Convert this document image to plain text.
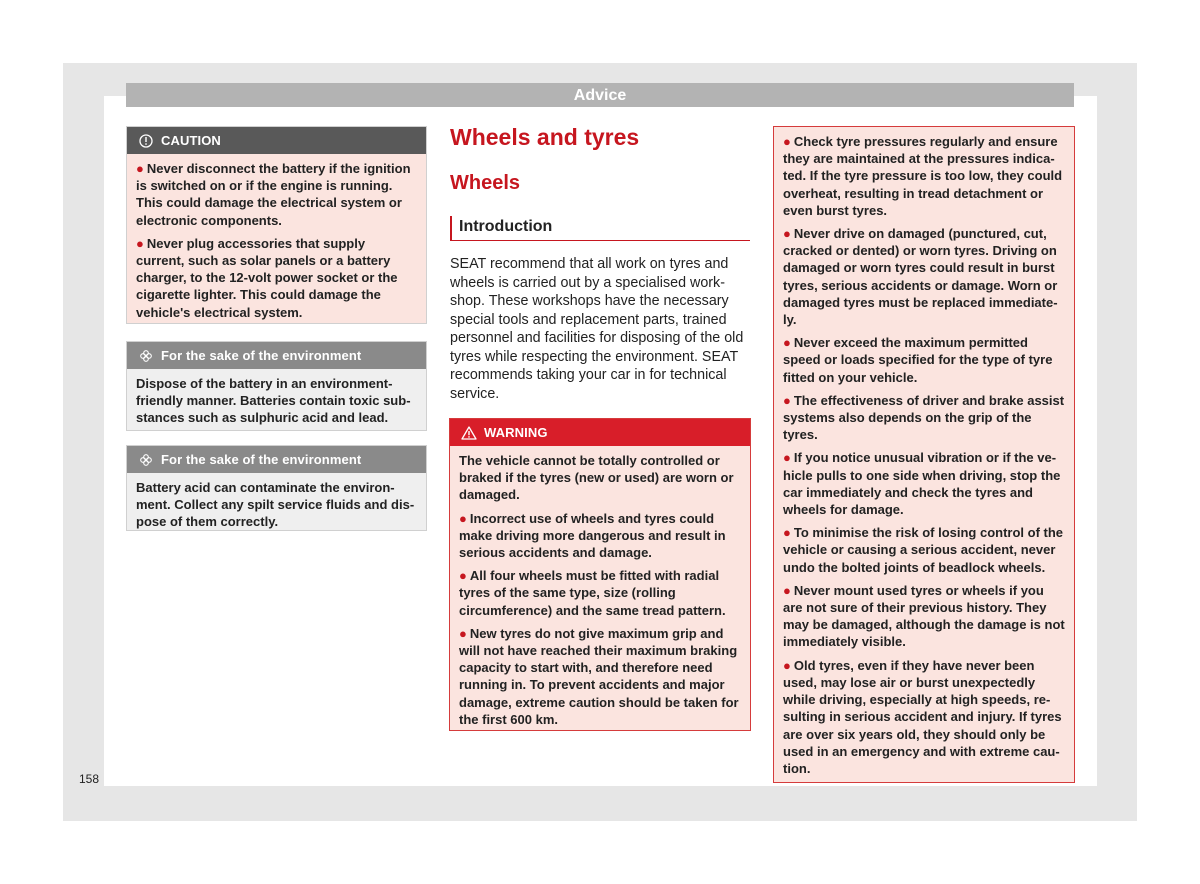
Advice
CAUTION

● Never disconnect the battery if the ignition is switched on or if the engine is running. This could damage the electrical system or electronic components.

● Never plug accessories that supply current, such as solar panels or a battery charger, to the 12-volt power socket or the cigarette lighter. This could damage the vehicle's electrical system.

For the sake of the environment

Dispose of the battery in an environment-friendly manner. Batteries contain toxic substances such as sulphuric acid and lead.

For the sake of the environment

Battery acid can contaminate the environment. Collect any spilt service fluids and dispose of them correctly.

Wheels and tyres
Wheels
Introduction
SEAT recommend that all work on tyres and wheels is carried out by a specialised workshop. These workshops have the necessary special tools and replacement parts, trained personnel and facilities for disposing of the old tyres while respecting the environment. SEAT recommends taking your car in for technical service.
WARNING

The vehicle cannot be totally controlled or braked if the tyres (new or used) are worn or damaged.

● Incorrect use of wheels and tyres could make driving more dangerous and result in serious accidents and damage.

● All four wheels must be fitted with radial tyres of the same type, size (rolling circumference) and the same tread pattern.

● New tyres do not give maximum grip and will not have reached their maximum braking capacity to start with, and therefore need running in. To prevent accidents and major damage, extreme caution should be taken for the first 600 km.

● Check tyre pressures regularly and ensure they are maintained at the pressures indicated. If the tyre pressure is too low, they could overheat, resulting in tread detachment or even burst tyres.

● Never drive on damaged (punctured, cut, cracked or dented) or worn tyres. Driving on damaged or worn tyres could result in burst tyres, serious accidents or damage. Worn or damaged tyres must be replaced immediately.

● Never exceed the maximum permitted speed or loads specified for the type of tyre fitted on your vehicle.

● The effectiveness of driver and brake assist systems also depends on the grip of the tyres.

● If you notice unusual vibration or if the vehicle pulls to one side when driving, stop the car immediately and check the tyres and wheels for damage.

● To minimise the risk of losing control of the vehicle or causing a serious accident, never undo the bolted joints of beadlock wheels.

● Never mount used tyres or wheels if you are not sure of their previous history. They may be damaged, although the damage is not immediately visible.

● Old tyres, even if they have never been used, may lose air or burst unexpectedly while driving, especially at high speeds, resulting in serious accident and injury. If tyres are over six years old, they should only be used in an emergency and with extreme caution.

158
